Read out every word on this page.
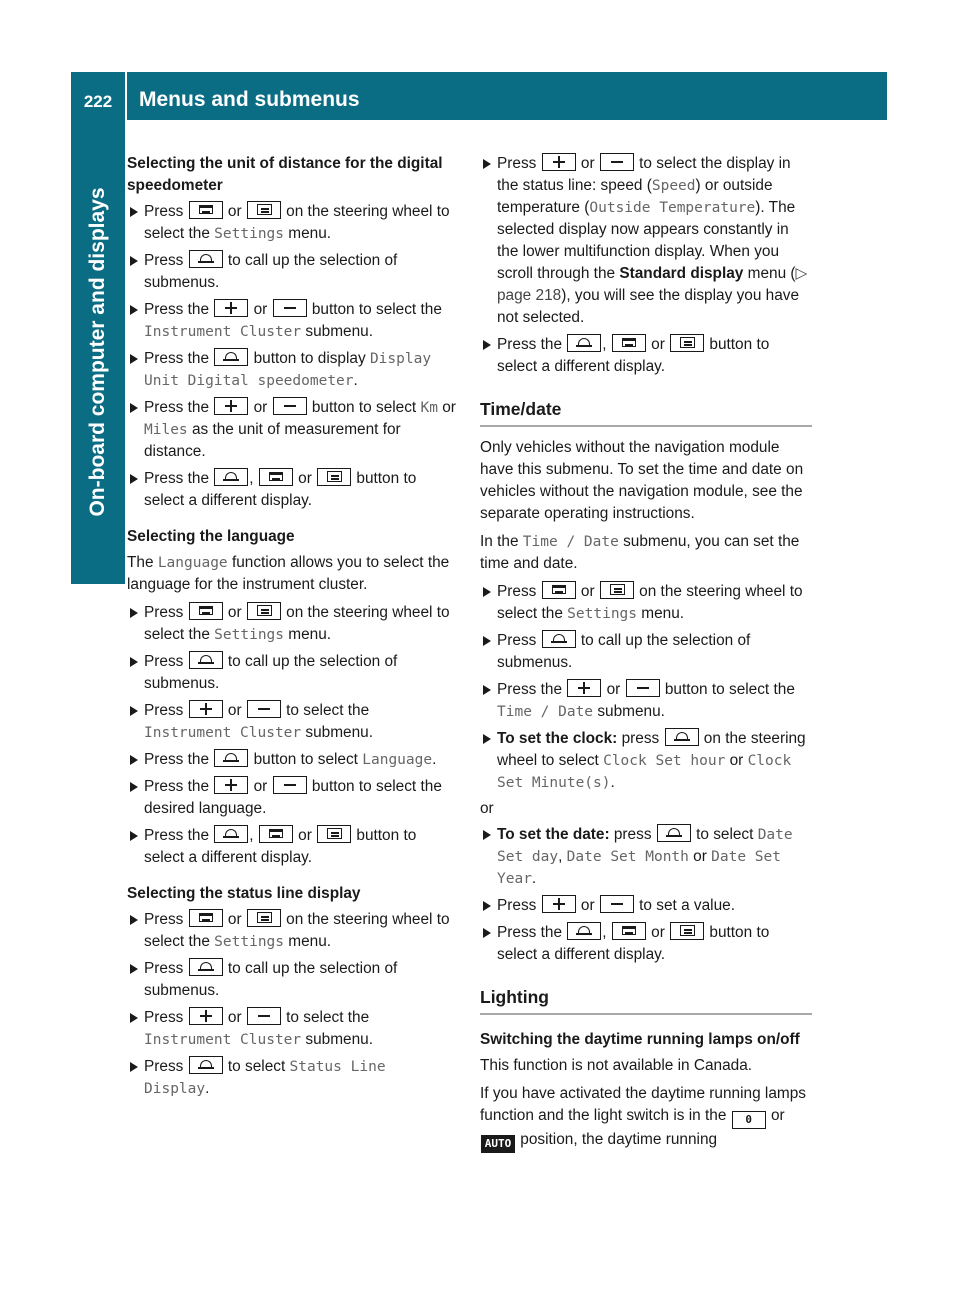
222	Menus and submenus
On-board computer and displays
Selecting the unit of distance for the digital speedometer
Press	or	on the steering wheel to select the Settings menu.
Press	to call up the selection of submenus.
Press the	or	button to select the Instrument Cluster submenu.
Press the	button to display Display Unit Digital speedometer.
Press the	or	button to select Km or Miles as the unit of measurement for distance.
Press the	,	or	button to select a different display.
Selecting the language

The Language function allows you to select the language for the instrument cluster.

Press	or	on the steering wheel to select the Settings menu.
Press	to call up the selection of submenus.
Press	or	to select the Instrument Cluster submenu.
Press the	button to select Language.
Press the	or	button to select the desired language.
Press the	,	or	button to select a different display.
Selecting the status line display
Press	or	on the steering wheel to select the Settings menu.
Press	to call up the selection of submenus.
Press	or	to select the Instrument Cluster submenu.
Press	to select Status Line Display.
Press	or	to select the display in the status line: speed (Speed) or outside temperature (Outside Temperature). The selected display now appears constantly in the lower multifunction display. When you scroll through the Standard display menu (▷ page 218), you will see the display you have not selected.
Press the	,	or	button to select a different display.
Time/date

Only vehicles without the navigation module have this submenu. To set the time and date on vehicles without the navigation module, see the separate operating instructions.

In the Time / Date submenu, you can set the time and date.

Press	or	on the steering wheel to select the Settings menu.
Press	to call up the selection of submenus.
Press the	or	button to select the Time / Date submenu.
To set the clock: press	on the steering wheel to select Clock Set hour or Clock Set Minute(s).

or

To set the date: press	to select Date Set day, Date Set Month or Date Set Year.
Press	or	to set a value.
Press the	,	or	button to select a different display.
Lighting
Switching the daytime running lamps on/off

This function is not available in Canada.

If you have activated the daytime running lamps function and the light switch is in the 0 or AUTO position, the daytime running
